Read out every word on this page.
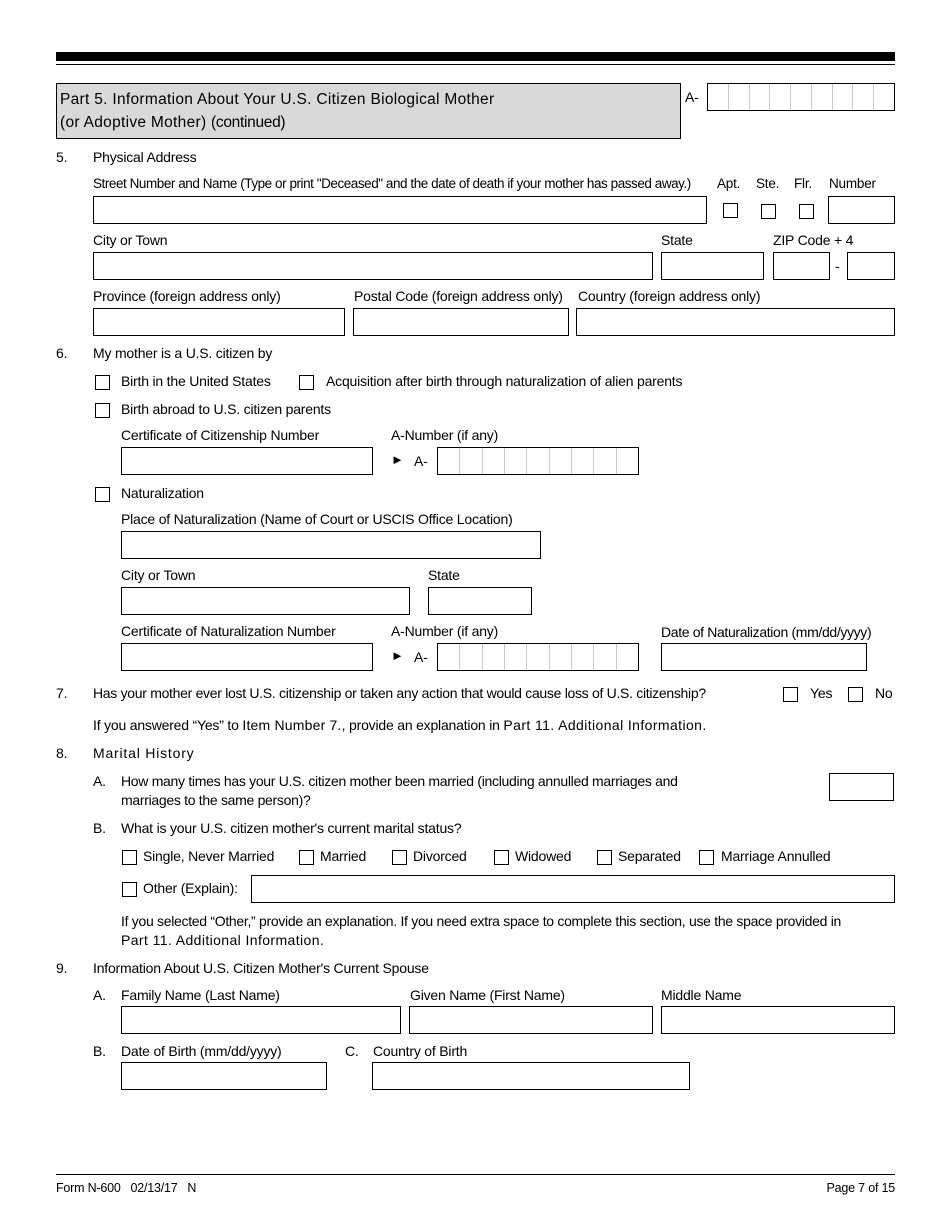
Part 5. Information About Your U.S. Citizen Biological Mother
(or Adoptive Mother) (continued)
A-
5. Physical Address
Street Number and Name (Type or print "Deceased" and the date of death if your mother has passed away.) Apt. Ste. Flr. Number
City or Town	State	ZIP Code + 4
-
Province (foreign address only)	Postal Code (foreign address only) Country (foreign address only)
6. My mother is a U.S. citizen by
Birth in the United States	Acquisition after birth through naturalization of alien parents
Birth abroad to U.S. citizen parents
Certificate of Citizenship Number	A-Number (if any)
► A-
Naturalization
Place of Naturalization (Name of Court or USCIS Office Location)
City or Town	State
Certificate of Naturalization Number	A-Number (if any)	Date of Naturalization (mm/dd/yyyy)
► A-
7. Has your mother ever lost U.S. citizenship or taken any action that would cause loss of U.S. citizenship?	Yes	No
If you answered “Yes” to Item Number 7., provide an explanation in Part 11. Additional Information.
8. Marital History
A. How many times has your U.S. citizen mother been married (including annulled marriages and
marriages to the same person)?
B. What is your U.S. citizen mother's current marital status?
Single, Never Married	Married	Divorced	Widowed	Separated	Marriage Annulled
Other (Explain):
If you selected “Other,” provide an explanation. If you need extra space to complete this section, use the space provided in
Part 11. Additional Information.
9. Information About U.S. Citizen Mother's Current Spouse
A. Family Name (Last Name)	Given Name (First Name)	Middle Name
B. Date of Birth (mm/dd/yyyy)	C. Country of Birth
Form N-600   02/13/17   N	Page 7 of 15
